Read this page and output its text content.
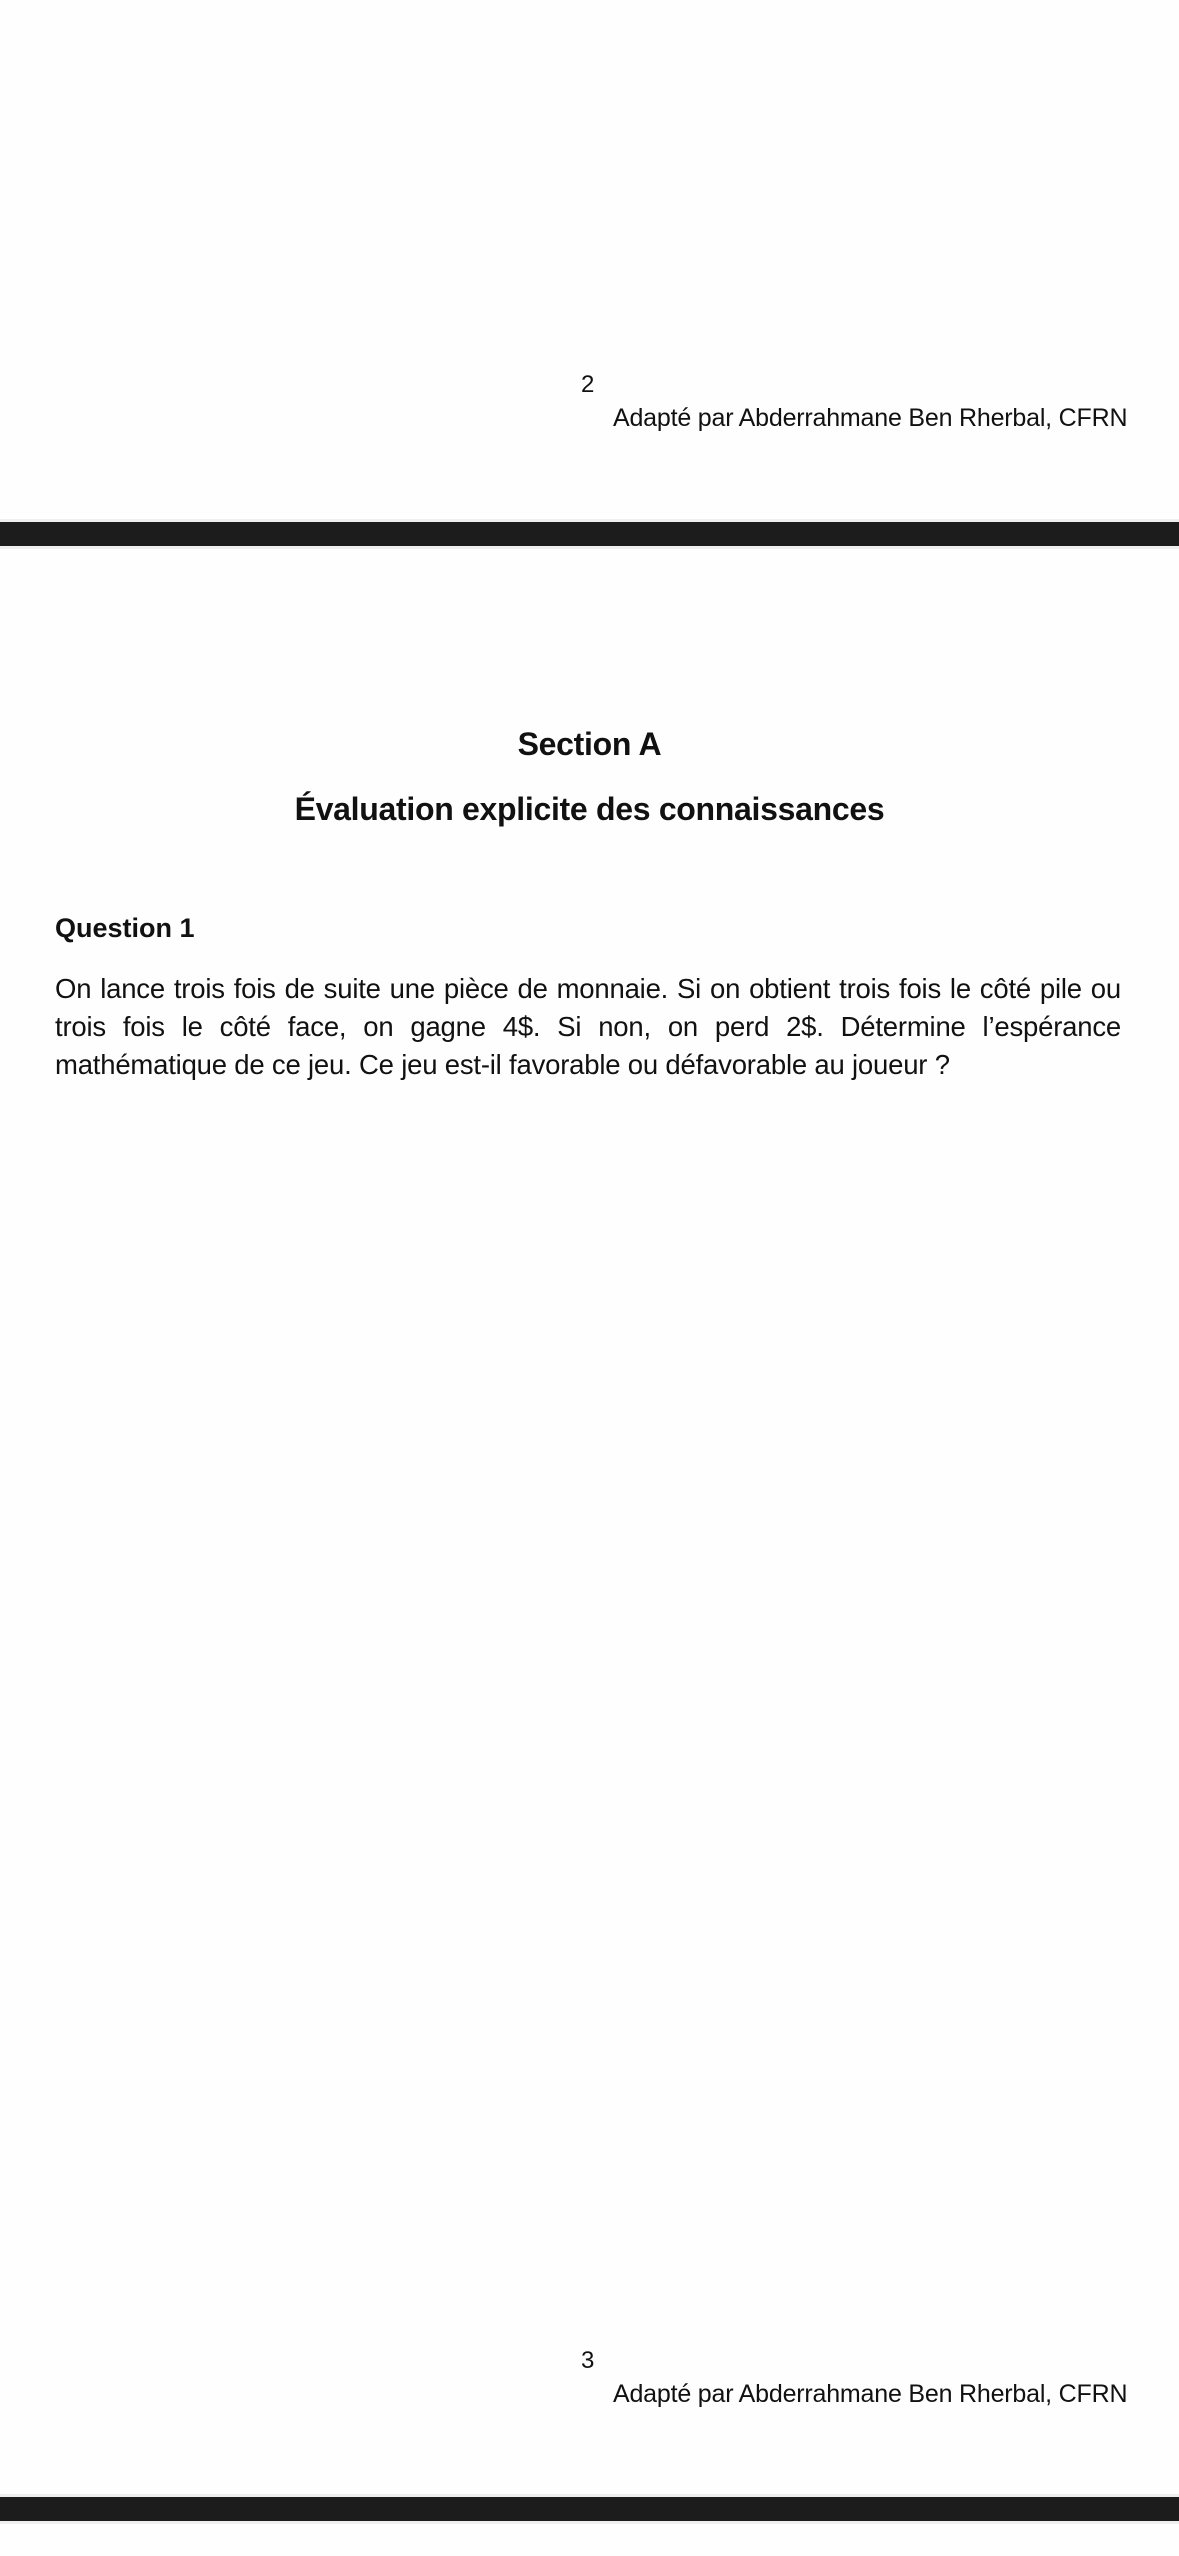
2
Adapté par Abderrahmane Ben Rherbal, CFRN
Section A
Évaluation explicite des connaissances
Question 1
On lance trois fois de suite une pièce de monnaie. Si on obtient trois fois le côté pile ou trois fois le côté face, on gagne 4$. Si non, on perd 2$. Détermine l’espérance mathématique de ce jeu. Ce jeu est-il favorable ou défavorable au joueur ?
3
Adapté par Abderrahmane Ben Rherbal, CFRN
